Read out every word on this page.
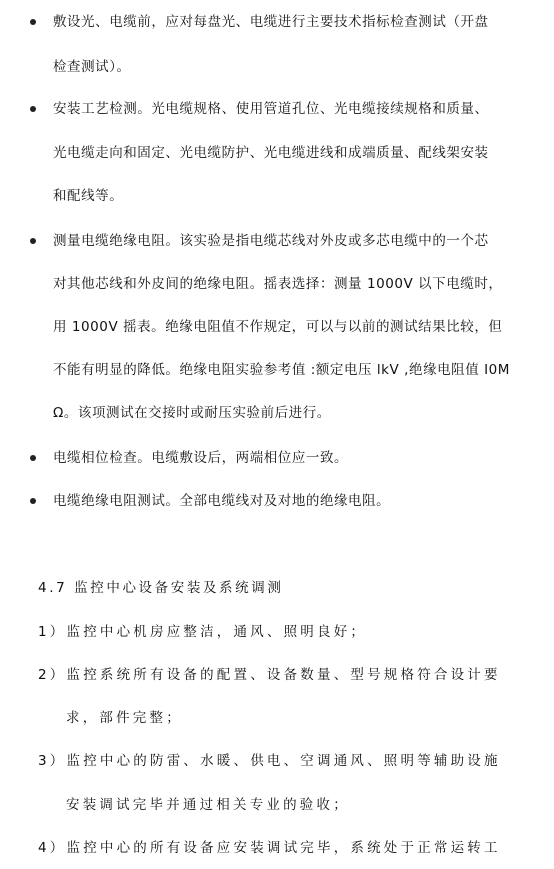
敷设光、电缆前，应对每盘光、电缆进行主要技术指标检查测试（开盘
检查测试）。
安装工艺检测。光电缆规格、使用管道孔位、光电缆接续规格和质量、
光电缆走向和固定、光电缆防护、光电缆进线和成端质量、配线架安装
和配线等。
测量电缆绝缘电阻。该实验是指电缆芯线对外皮或多芯电缆中的一个芯
对其他芯线和外皮间的绝缘电阻。摇表选择：测量 1000V 以下电缆时，
用 1000V 摇表。绝缘电阻值不作规定，可以与以前的测试结果比较，但
不能有明显的降低。绝缘电阻实验参考值 :额定电压 lkV ,绝缘电阻值 I0M
Ω。该项测试在交接时或耐压实验前后进行。
电缆相位检查。电缆敷设后，两端相位应一致。
电缆绝缘电阻测试。全部电缆线对及对地的绝缘电阻。
4.7 监控中心设备安装及系统调测
1）监控中心机房应整洁，通风、照明良好；
2）监控系统所有设备的配置、设备数量、型号规格符合设计要
求，部件完整；
3）监控中心的防雷、水暖、供电、空调通风、照明等辅助设施
安装调试完毕并通过相关专业的验收；
4）监控中心的所有设备应安装调试完毕，系统处于正常运转工
